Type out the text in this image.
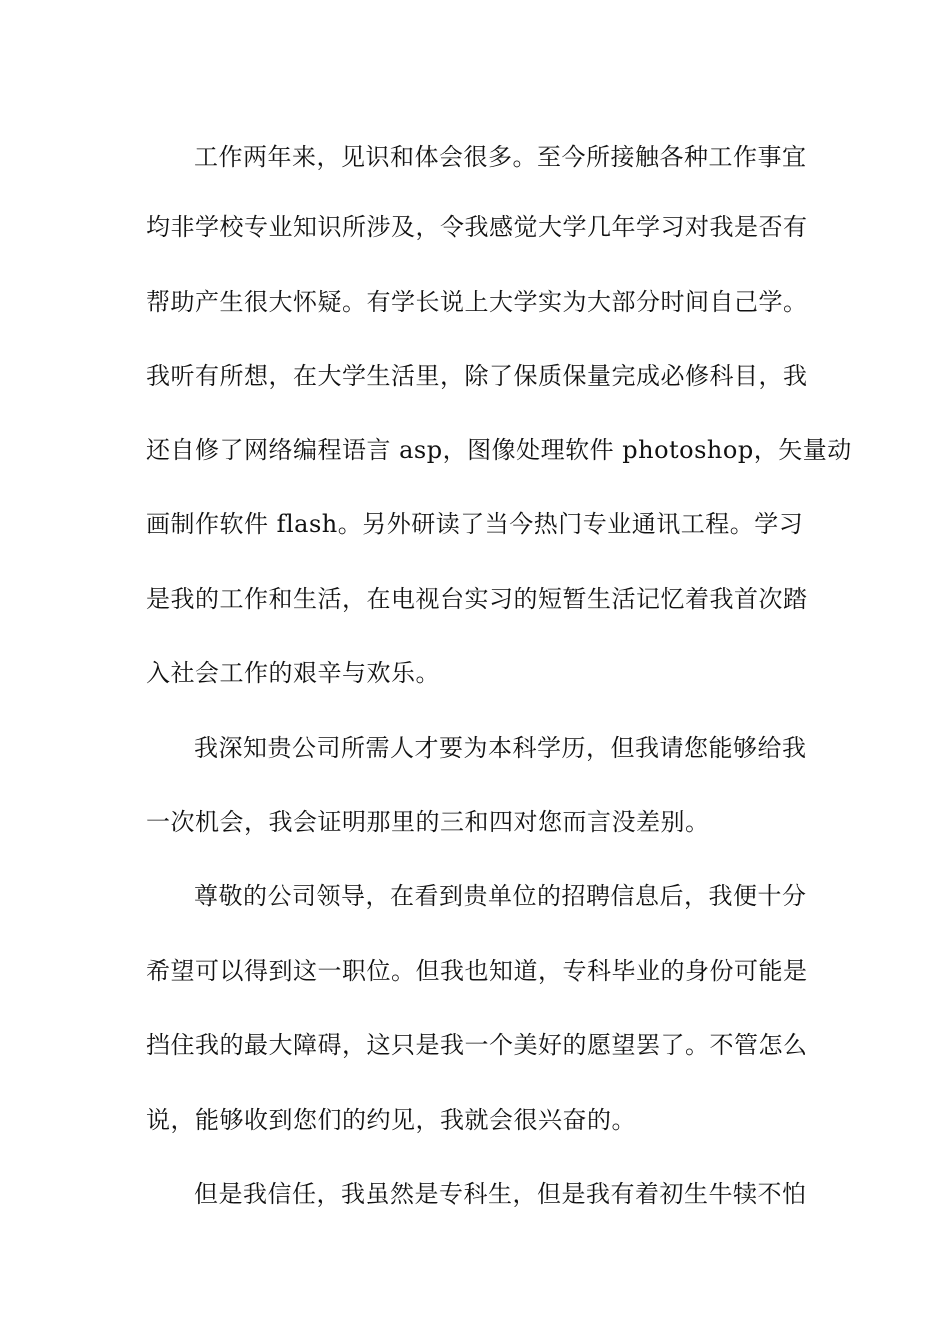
工作两年来，见识和体会很多。至今所接触各种工作事宜
均非学校专业知识所涉及，令我感觉大学几年学习对我是否有
帮助产生很大怀疑。有学长说上大学实为大部分时间自己学。
我听有所想，在大学生活里，除了保质保量完成必修科目，我
还自修了网络编程语言 asp，图像处理软件 photoshop，矢量动
画制作软件 flash。另外研读了当今热门专业通讯工程。学习
是我的工作和生活，在电视台实习的短暂生活记忆着我首次踏
入社会工作的艰辛与欢乐。
我深知贵公司所需人才要为本科学历，但我请您能够给我
一次机会，我会证明那里的三和四对您而言没差别。
尊敬的公司领导，在看到贵单位的招聘信息后，我便十分
希望可以得到这一职位。但我也知道，专科毕业的身份可能是
挡住我的最大障碍，这只是我一个美好的愿望罢了。不管怎么
说，能够收到您们的约见，我就会很兴奋的。
但是我信任，我虽然是专科生，但是我有着初生牛犊不怕
